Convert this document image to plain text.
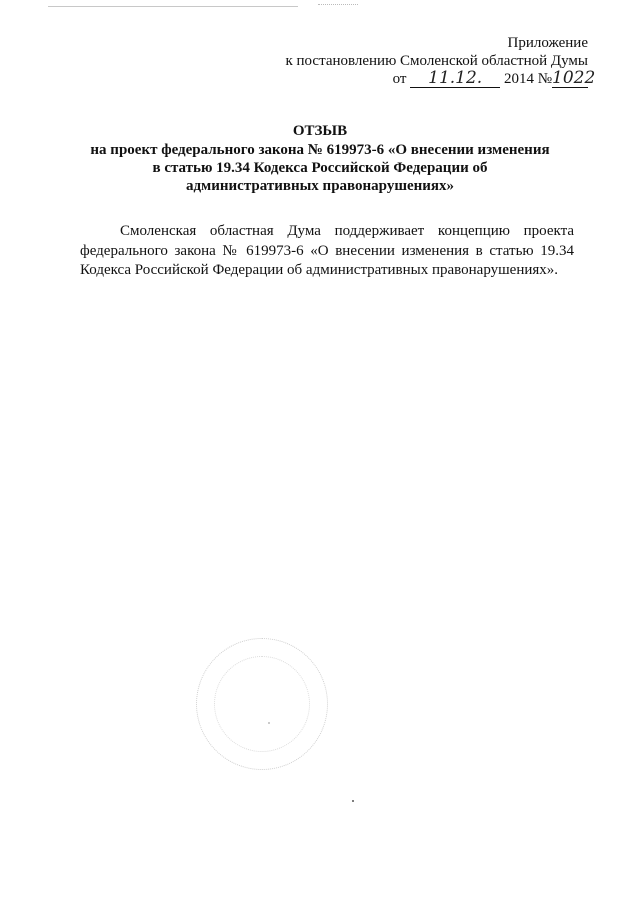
Приложение
к постановлению Смоленской областной Думы
от 11.12. 2014 №1022
ОТЗЫВ
на проект федерального закона № 619973-6 «О внесении изменения в статью 19.34 Кодекса Российской Федерации об административных правонарушениях»
Смоленская областная Дума поддерживает концепцию проекта федерального закона № 619973-6 «О внесении изменения в статью 19.34 Кодекса Российской Федерации об административных правонарушениях».
